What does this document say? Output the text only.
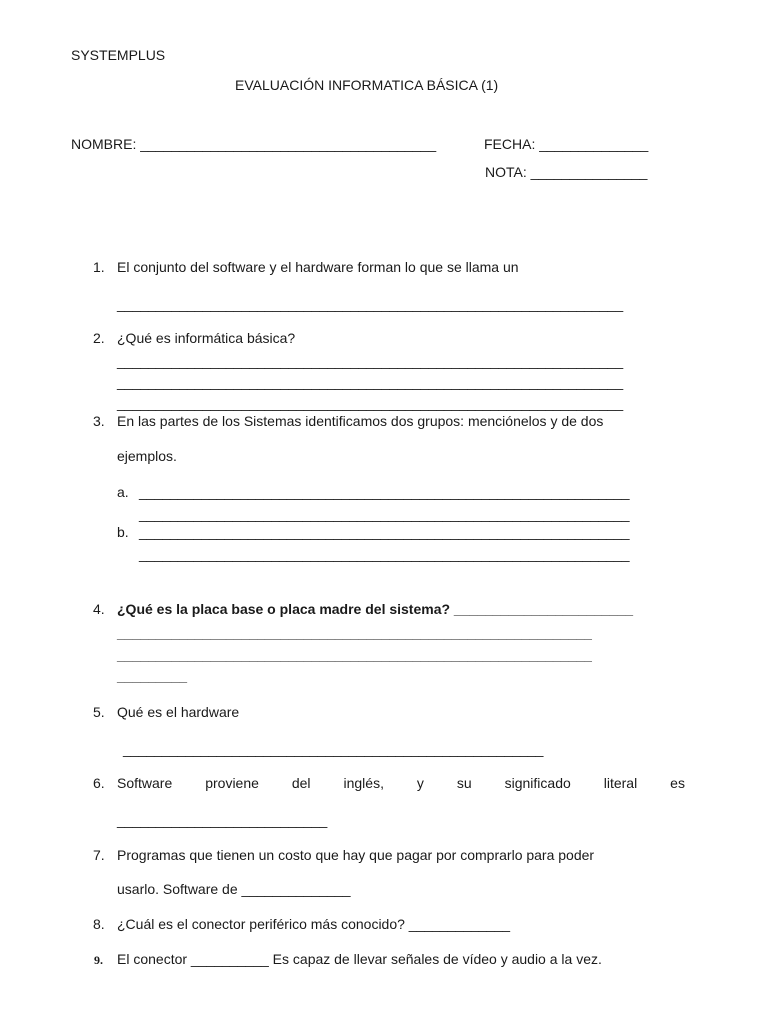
SYSTEMPLUS
EVALUACIÓN INFORMATICA BÁSICA (1)
NOMBRE: ______________________________________	FECHA: ______________
NOTA: _______________
1. El conjunto del software y el hardware forman lo que se llama un
_________________________________________________________________
2. ¿Qué es informática básica?
_________________________________________________________________
_________________________________________________________________
_________________________________________________________________
3. En las partes de los Sistemas identificamos dos grupos: menciónelos y de dos
ejemplos.
a. _______________________________________________________________
_______________________________________________________________
b. _______________________________________________________________
_______________________________________________________________
4. ¿Qué es la placa base o placa madre del sistema? _______________________
_____________________________________________________________
_____________________________________________________________
_________
5. Qué es el hardware
______________________________________________________
6. Software proviene del inglés, y su significado literal es
___________________________
7. Programas que tienen un costo que hay que pagar por comprarlo para poder
usarlo. Software de ______________
8. ¿Cuál es el conector periférico más conocido? _____________
9. El conector __________ Es capaz de llevar señales de vídeo y audio a la vez.
